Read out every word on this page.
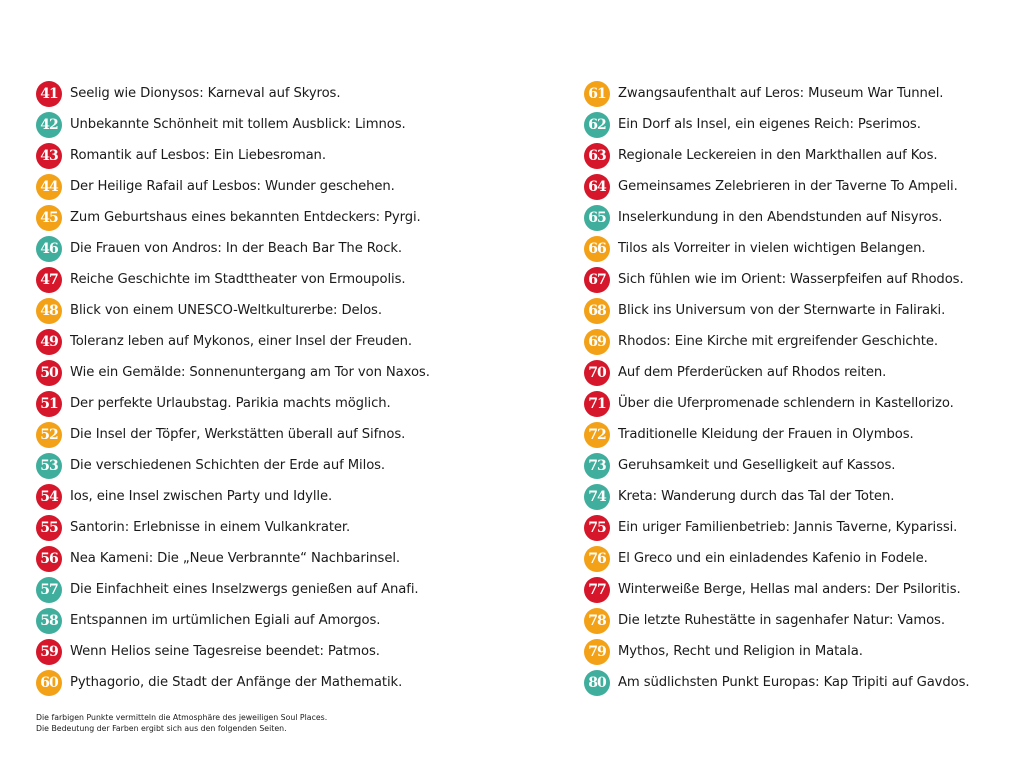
41 Seelig wie Dionysos: Karneval auf Skyros.
42 Unbekannte Schönheit mit tollem Ausblick: Limnos.
43 Romantik auf Lesbos: Ein Liebesroman.
44 Der Heilige Rafail auf Lesbos: Wunder geschehen.
45 Zum Geburtshaus eines bekannten Entdeckers: Pyrgi.
46 Die Frauen von Andros: In der Beach Bar The Rock.
47 Reiche Geschichte im Stadttheater von Ermoupolis.
48 Blick von einem UNESCO-Weltkulturerbe: Delos.
49 Toleranz leben auf Mykonos, einer Insel der Freuden.
50 Wie ein Gemälde: Sonnenuntergang am Tor von Naxos.
51 Der perfekte Urlaubstag. Parikia machts möglich.
52 Die Insel der Töpfer, Werkstätten überall auf Sifnos.
53 Die verschiedenen Schichten der Erde auf Milos.
54 Ios, eine Insel zwischen Party und Idylle.
55 Santorin: Erlebnisse in einem Vulkankrater.
56 Nea Kameni: Die „Neue Verbrannte“ Nachbarinsel.
57 Die Einfachheit eines Inselzwergs genießen auf Anafi.
58 Entspannen im urtümlichen Egiali auf Amorgos.
59 Wenn Helios seine Tagesreise beendet: Patmos.
60 Pythagorio, die Stadt der Anfänge der Mathematik.
61 Zwangsaufenthalt auf Leros: Museum War Tunnel.
62 Ein Dorf als Insel, ein eigenes Reich: Pserimos.
63 Regionale Leckereien in den Markthallen auf Kos.
64 Gemeinsames Zelebrieren in der Taverne To Ampeli.
65 Inselerkundung in den Abendstunden auf Nisyros.
66 Tilos als Vorreiter in vielen wichtigen Belangen.
67 Sich fühlen wie im Orient: Wasserpfeifen auf Rhodos.
68 Blick ins Universum von der Sternwarte in Faliraki.
69 Rhodos: Eine Kirche mit ergreifender Geschichte.
70 Auf dem Pferderücken auf Rhodos reiten.
71 Über die Uferpromenade schlendern in Kastellorizo.
72 Traditionelle Kleidung der Frauen in Olymbos.
73 Geruhsamkeit und Geselligkeit auf Kassos.
74 Kreta: Wanderung durch das Tal der Toten.
75 Ein uriger Familienbetrieb: Jannis Taverne, Kyparissi.
76 El Greco und ein einladendes Kafenio in Fodele.
77 Winterweiße Berge, Hellas mal anders: Der Psiloritis.
78 Die letzte Ruhestätte in sagenhafer Natur: Vamos.
79 Mythos, Recht und Religion in Matala.
80 Am südlichsten Punkt Europas: Kap Tripiti auf Gavdos.
Die farbigen Punkte vermitteln die Atmosphäre des jeweiligen Soul Places.
Die Bedeutung der Farben ergibt sich aus den folgenden Seiten.
